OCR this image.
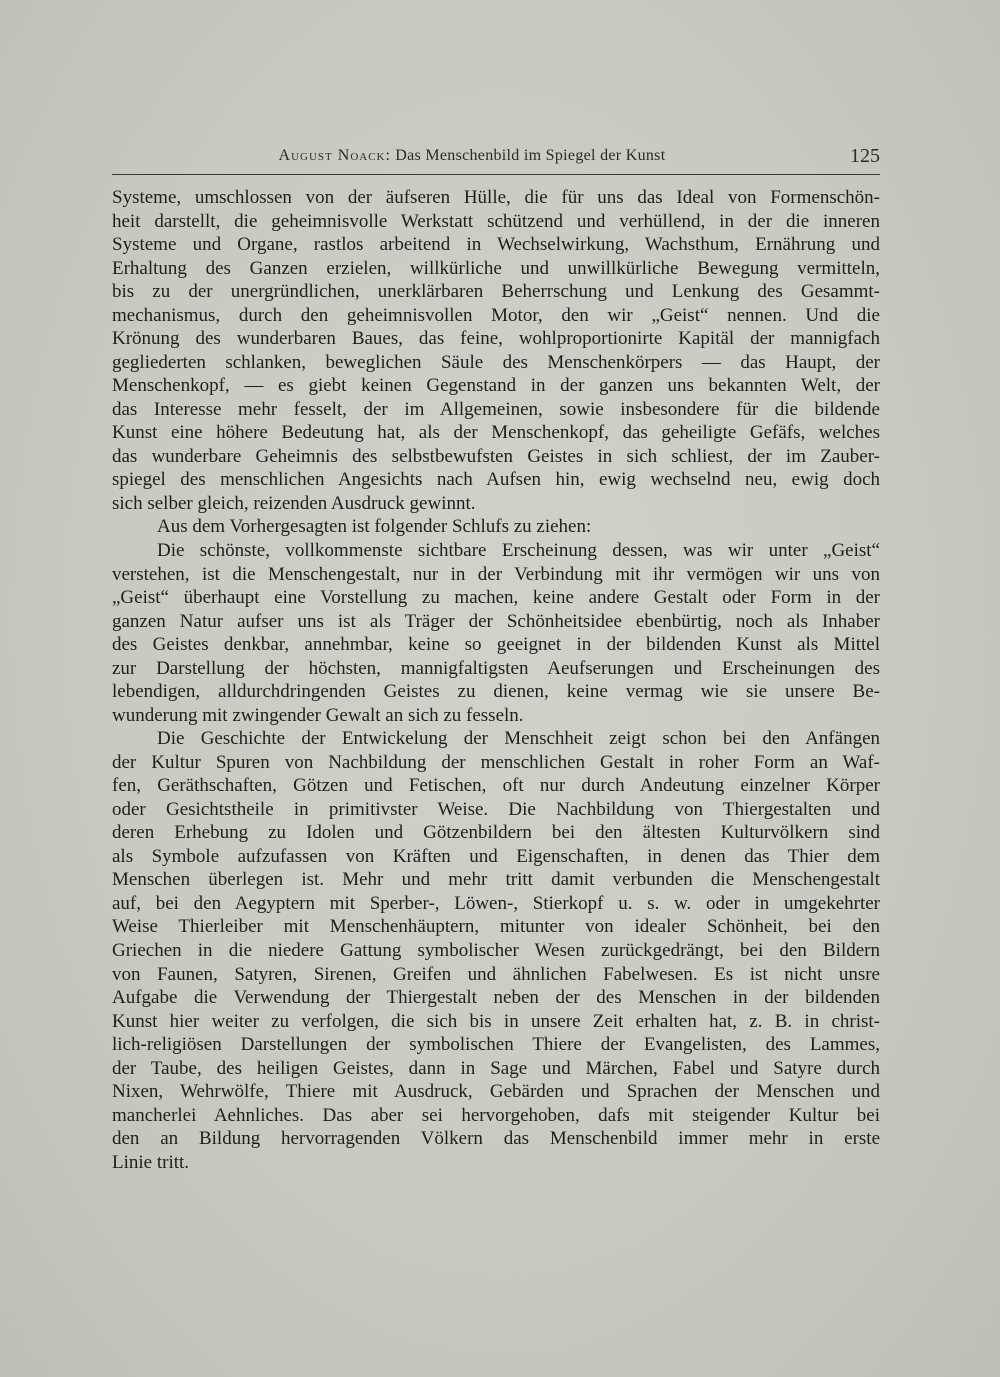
August Noack: Das Menschenbild im Spiegel der Kunst	125

Systeme, umschlossen von der äufseren Hülle, die für uns das Ideal von Formenschön-
heit darstellt, die geheimnisvolle Werkstatt schützend und verhüllend, in der die inneren
Systeme und Organe, rastlos arbeitend in Wechselwirkung, Wachsthum, Ernährung und
Erhaltung des Ganzen erzielen, willkürliche und unwillkürliche Bewegung vermitteln,
bis zu der unergründlichen, unerklärbaren Beherrschung und Lenkung des Gesammt-
mechanismus, durch den geheimnisvollen Motor, den wir „Geist“ nennen. Und die
Krönung des wunderbaren Baues, das feine, wohlproportionirte Kapitäl der mannigfach
gegliederten schlanken, beweglichen Säule des Menschenkörpers — das Haupt, der
Menschenkopf, — es giebt keinen Gegenstand in der ganzen uns bekannten Welt, der
das Interesse mehr fesselt, der im Allgemeinen, sowie insbesondere für die bildende
Kunst eine höhere Bedeutung hat, als der Menschenkopf, das geheiligte Gefäfs, welches
das wunderbare Geheimnis des selbstbewufsten Geistes in sich schliest, der im Zauber-
spiegel des menschlichen Angesichts nach Aufsen hin, ewig wechselnd neu, ewig doch
sich selber gleich, reizenden Ausdruck gewinnt.

Aus dem Vorhergesagten ist folgender Schlufs zu ziehen:

Die schönste, vollkommenste sichtbare Erscheinung dessen, was wir unter „Geist“
verstehen, ist die Menschengestalt, nur in der Verbindung mit ihr vermögen wir uns von
„Geist“ überhaupt eine Vorstellung zu machen, keine andere Gestalt oder Form in der
ganzen Natur aufser uns ist als Träger der Schönheitsidee ebenbürtig, noch als Inhaber
des Geistes denkbar, annehmbar, keine so geeignet in der bildenden Kunst als Mittel
zur Darstellung der höchsten, mannigfaltigsten Aeufserungen und Erscheinungen des
lebendigen, alldurchdringenden Geistes zu dienen, keine vermag wie sie unsere Be-
wunderung mit zwingender Gewalt an sich zu fesseln.

Die Geschichte der Entwickelung der Menschheit zeigt schon bei den Anfängen
der Kultur Spuren von Nachbildung der menschlichen Gestalt in roher Form an Waf-
fen, Geräthschaften, Götzen und Fetischen, oft nur durch Andeutung einzelner Körper
oder Gesichtstheile in primitivster Weise. Die Nachbildung von Thiergestalten und
deren Erhebung zu Idolen und Götzenbildern bei den ältesten Kulturvölkern sind
als Symbole aufzufassen von Kräften und Eigenschaften, in denen das Thier dem
Menschen überlegen ist. Mehr und mehr tritt damit verbunden die Menschengestalt
auf, bei den Aegyptern mit Sperber-, Löwen-, Stierkopf u. s. w. oder in umgekehrter
Weise Thierleiber mit Menschenhäuptern, mitunter von idealer Schönheit, bei den
Griechen in die niedere Gattung symbolischer Wesen zurückgedrängt, bei den Bildern
von Faunen, Satyren, Sirenen, Greifen und ähnlichen Fabelwesen. Es ist nicht unsre
Aufgabe die Verwendung der Thiergestalt neben der des Menschen in der bildenden
Kunst hier weiter zu verfolgen, die sich bis in unsere Zeit erhalten hat, z. B. in christ-
lich-religiösen Darstellungen der symbolischen Thiere der Evangelisten, des Lammes,
der Taube, des heiligen Geistes, dann in Sage und Märchen, Fabel und Satyre durch
Nixen, Wehrwölfe, Thiere mit Ausdruck, Gebärden und Sprachen der Menschen und
mancherlei Aehnliches. Das aber sei hervorgehoben, dafs mit steigender Kultur bei
den an Bildung hervorragenden Völkern das Menschenbild immer mehr in erste
Linie tritt.
